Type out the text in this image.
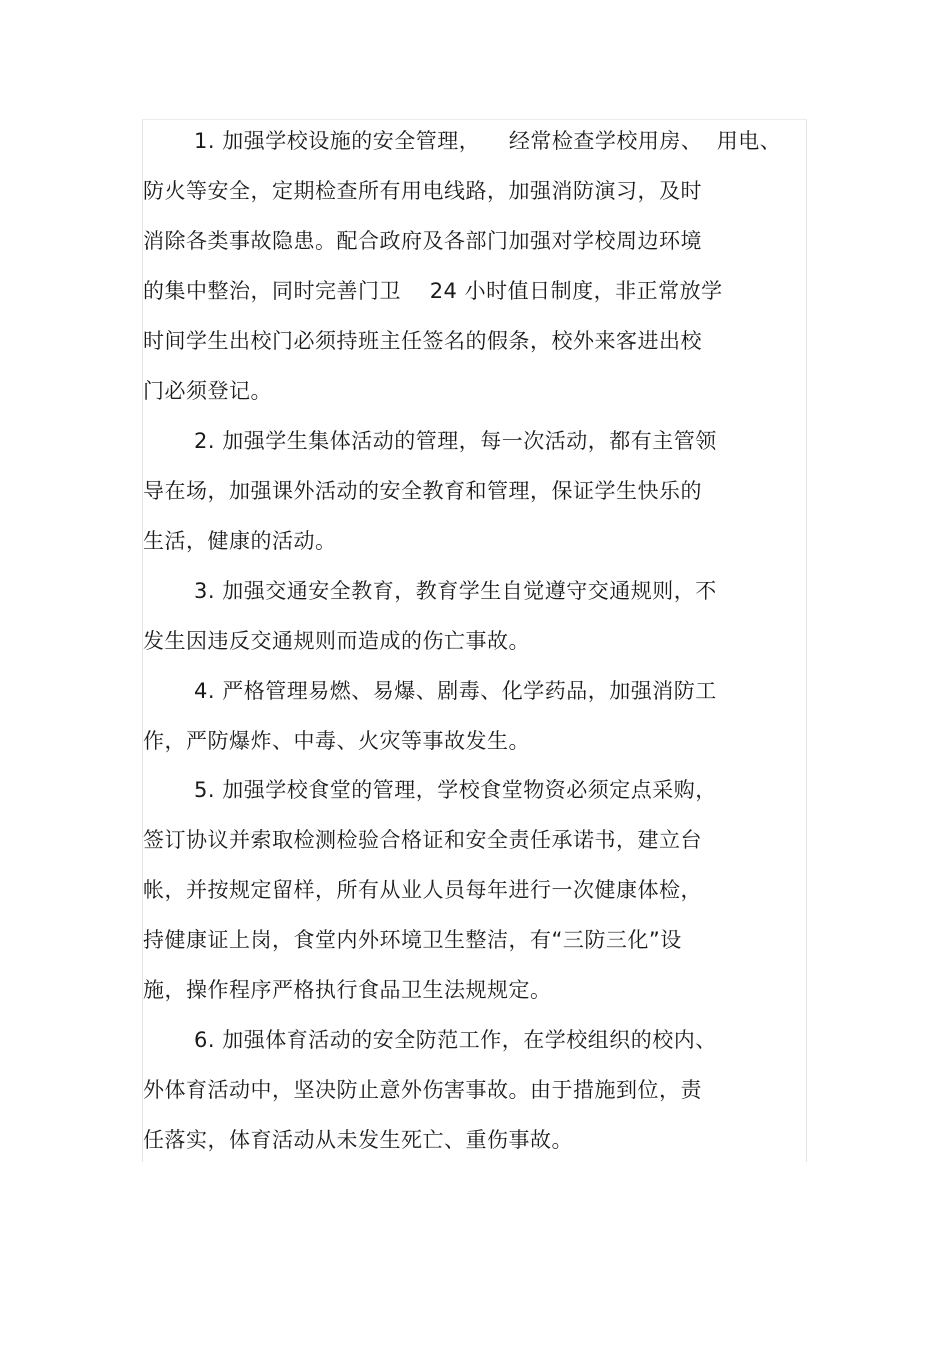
1. 加强学校设施的安全管理，    经常检查学校用房、  用电、
防火等安全，定期检查所有用电线路，加强消防演习，及时
消除各类事故隐患。配合政府及各部门加强对学校周边环境
的集中整治，同时完善门卫    24 小时值日制度，非正常放学
时间学生出校门必须持班主任签名的假条，校外来客进出校
门必须登记。
2. 加强学生集体活动的管理，每一次活动，都有主管领
导在场，加强课外活动的安全教育和管理，保证学生快乐的
生活，健康的活动。
3. 加强交通安全教育，教育学生自觉遵守交通规则，不
发生因违反交通规则而造成的伤亡事故。
4. 严格管理易燃、易爆、剧毒、化学药品，加强消防工
作，严防爆炸、中毒、火灾等事故发生。
5. 加强学校食堂的管理，学校食堂物资必须定点采购，
签订协议并索取检测检验合格证和安全责任承诺书，建立台
帐，并按规定留样，所有从业人员每年进行一次健康体检，
持健康证上岗，食堂内外环境卫生整洁，有“三防三化”设
施，操作程序严格执行食品卫生法规规定。
6. 加强体育活动的安全防范工作，在学校组织的校内、
外体育活动中，坚决防止意外伤害事故。由于措施到位，责
任落实，体育活动从未发生死亡、重伤事故。
